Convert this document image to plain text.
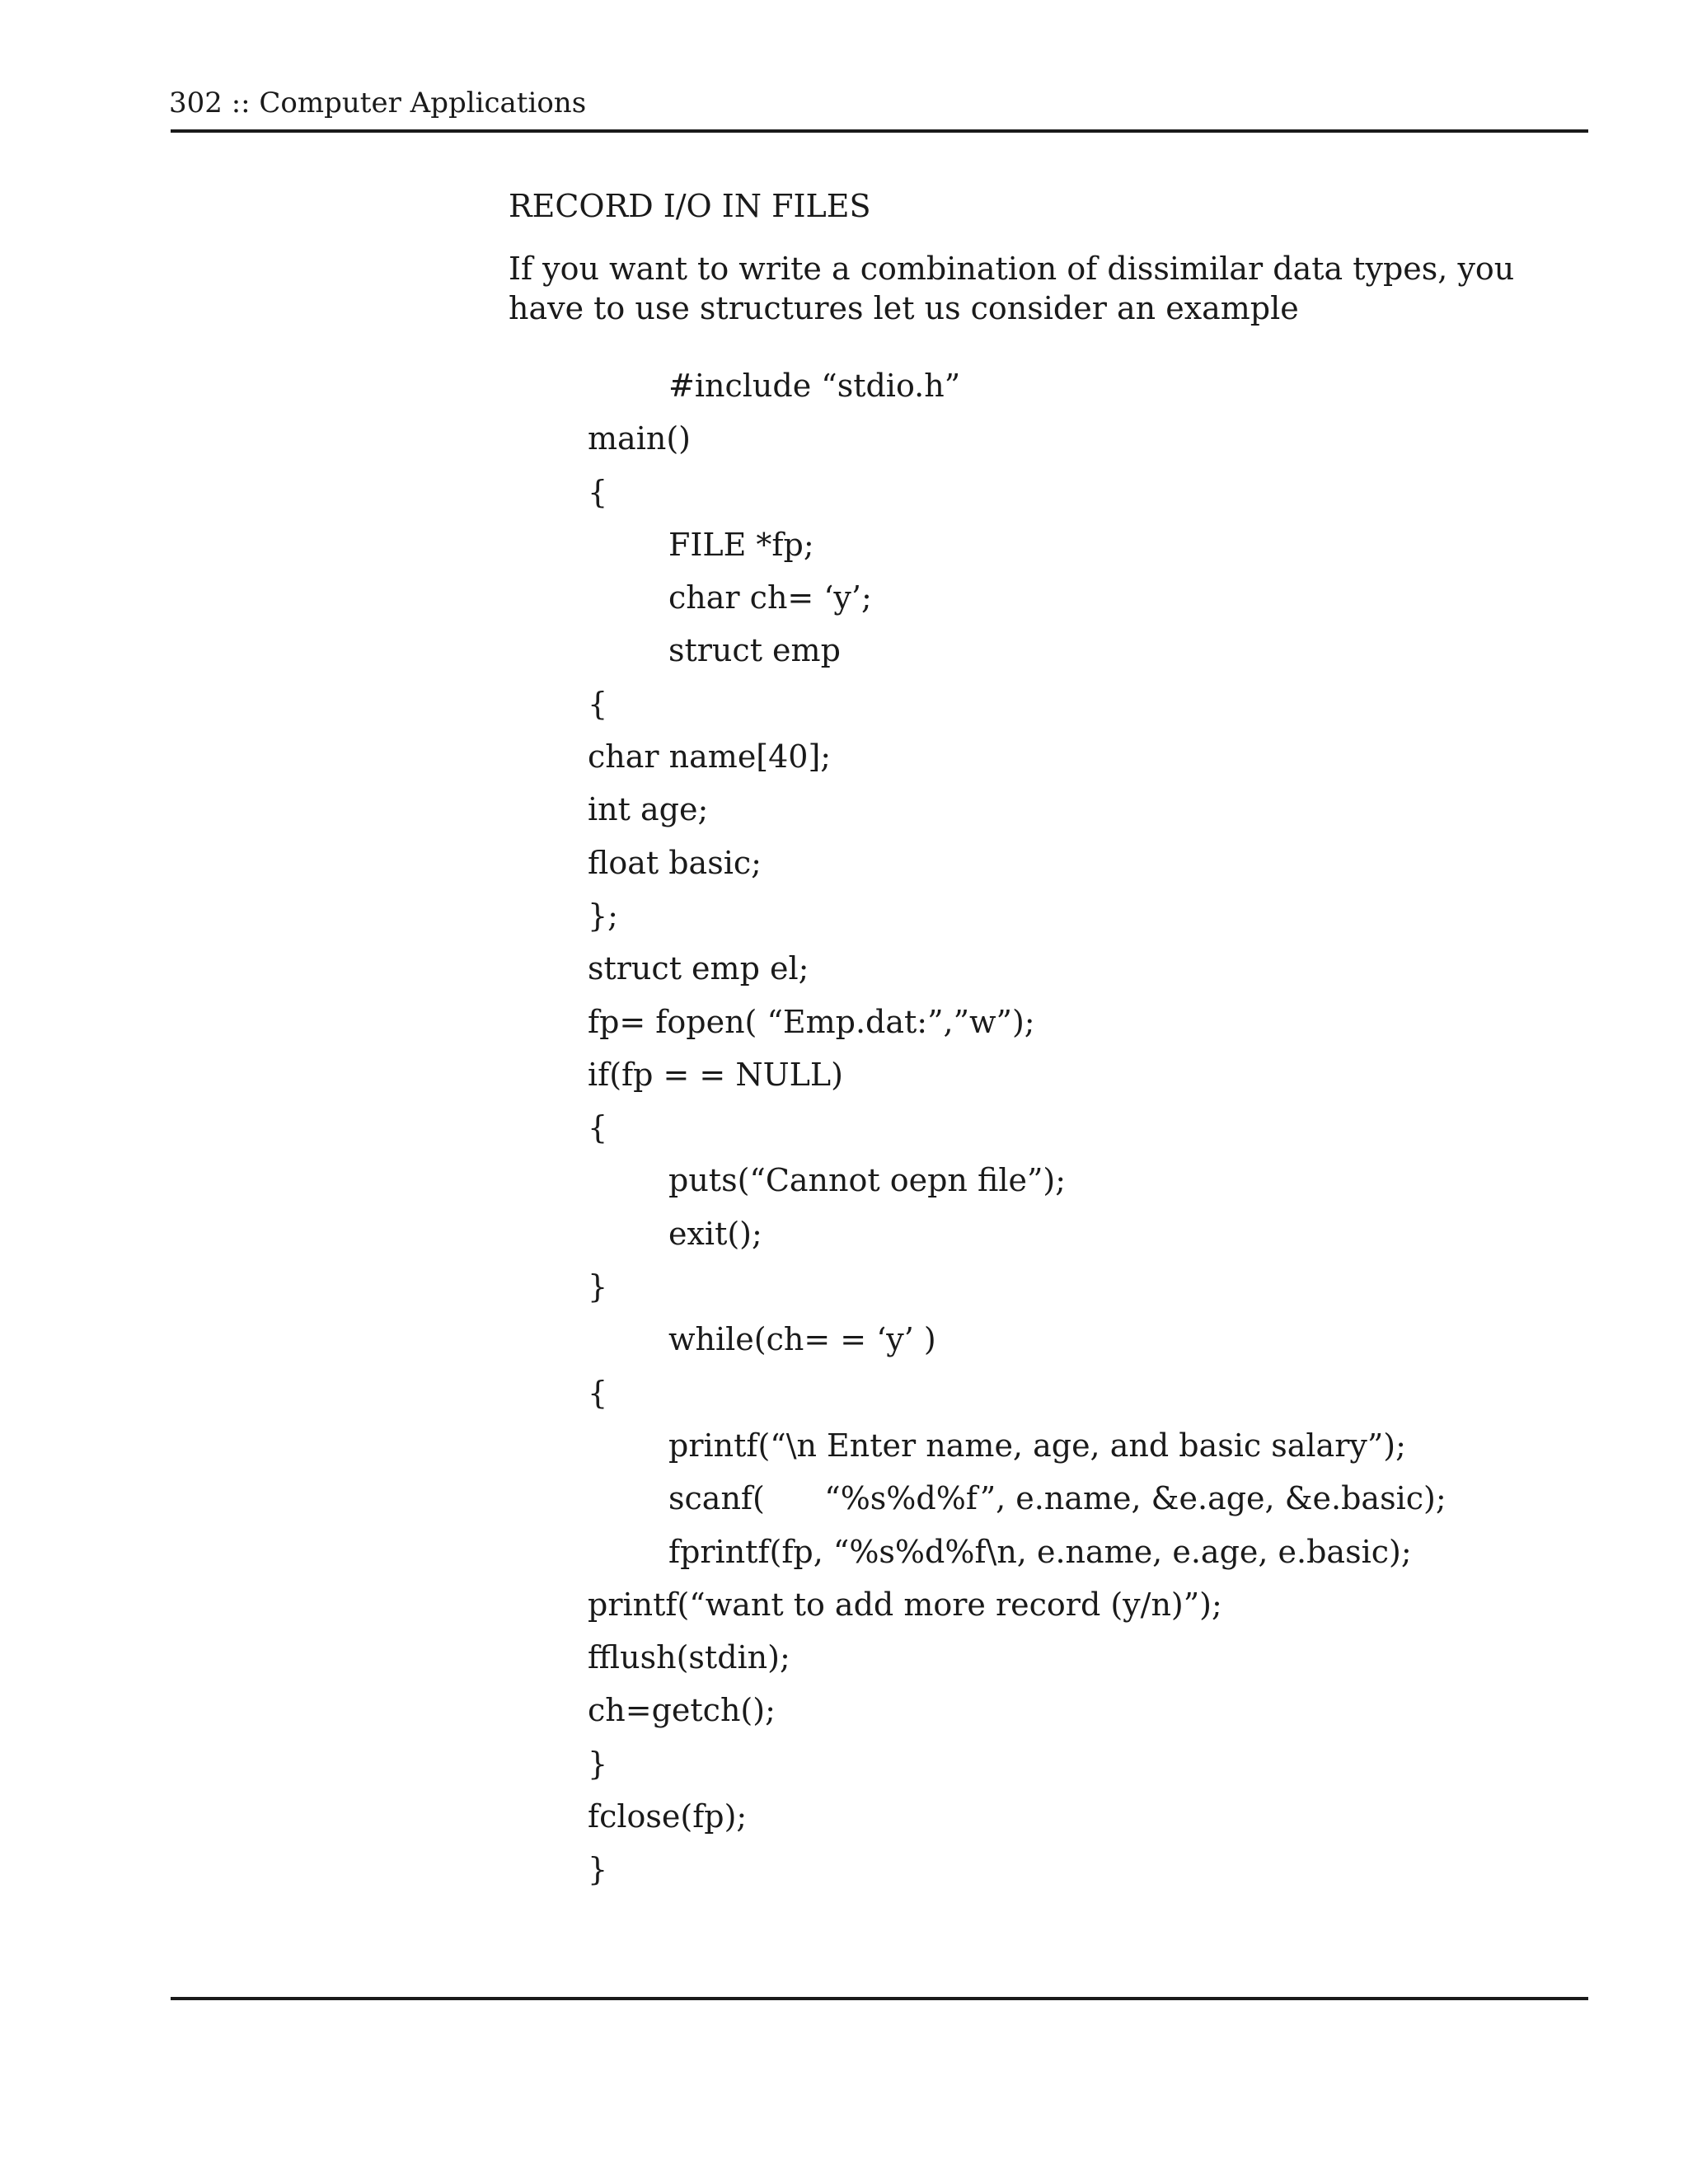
302 :: Computer Applications
RECORD I/O IN FILES
If you want to write a combination of dissimilar data types, you have to use structures let us consider an example
#include “stdio.h”
main()
{
FILE *fp;
char ch= ‘y’;
struct emp
{
char name[40];
int age;
float basic;
};
struct emp el;
fp= fopen( “Emp.dat:”,”w”);
if(fp = = NULL)
{
puts(“Cannot oepn file”);
exit();
}
while(ch= = ‘y’ )
{
printf(“\n Enter name, age, and basic salary”);
scanf(      “%s%d%f”, e.name, &e.age, &e.basic);
fprintf(fp, “%s%d%f\n, e.name, e.age, e.basic);
printf(“want to add more record (y/n)”);
fflush(stdin);
ch=getch();
}
fclose(fp);
}
